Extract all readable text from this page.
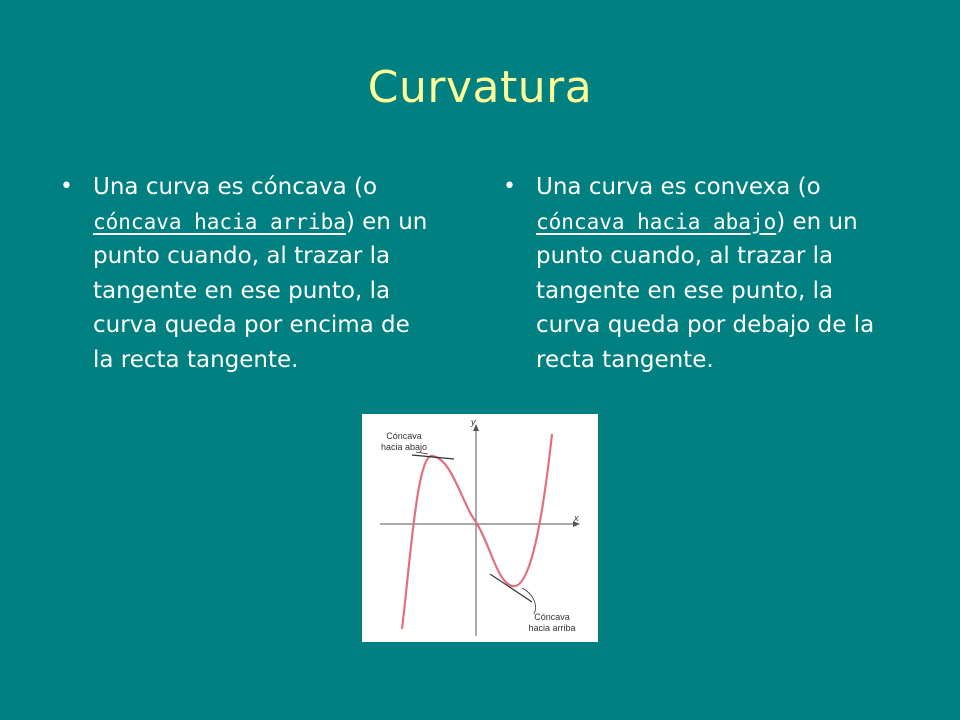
Curvatura
• Una curva es cóncava (o cóncava hacia arriba) en un punto cuando, al trazar la tangente en ese punto, la curva queda por encima de la recta tangente.
• Una curva es convexa (o cóncava hacia abajo) en un punto cuando, al trazar la tangente en ese punto, la curva queda por debajo de la recta tangente.
Cóncava
hacia abajo
Cóncava
hacia arriba
x
y
